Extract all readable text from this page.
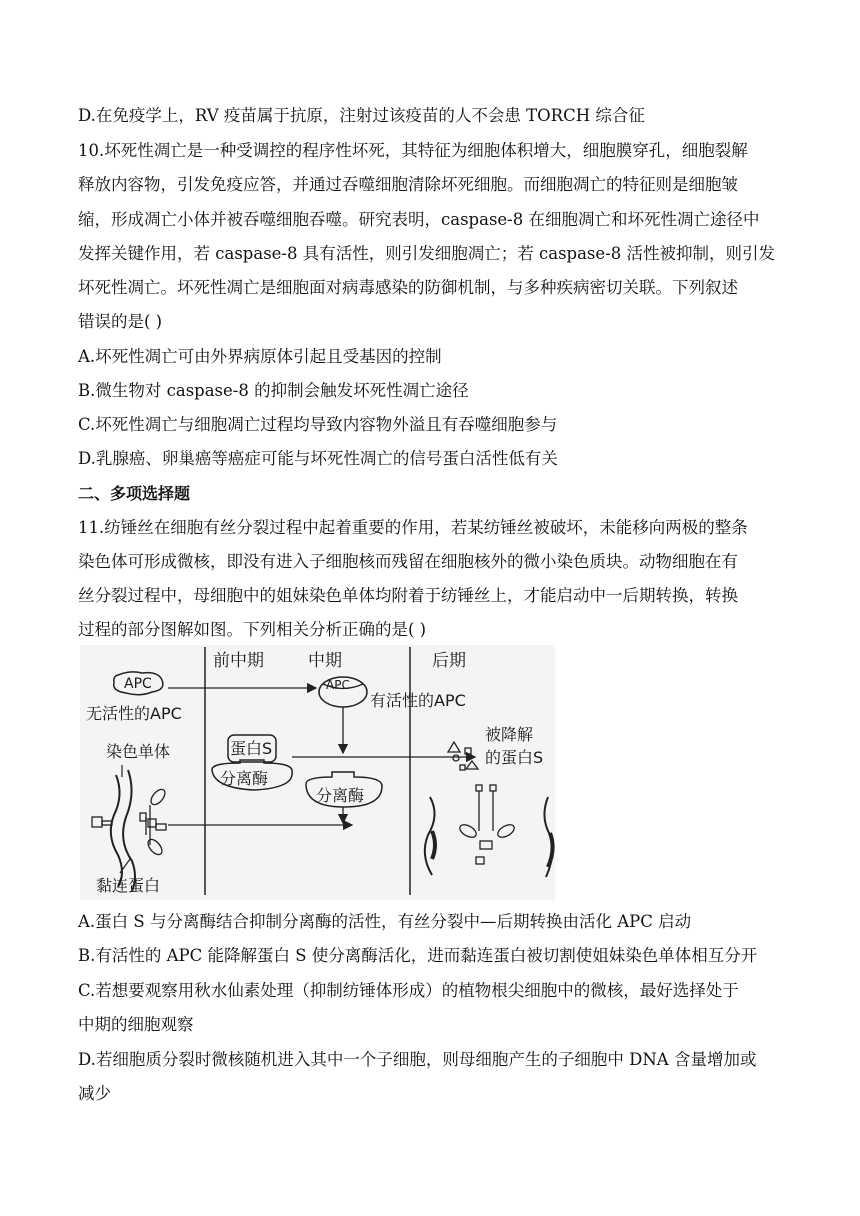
D.在免疫学上，RV 疫苗属于抗原，注射过该疫苗的人不会患 TORCH 综合征
10.坏死性凋亡是一种受调控的程序性坏死，其特征为细胞体积增大，细胞膜穿孔，细胞裂解
释放内容物，引发免疫应答，并通过吞噬细胞清除坏死细胞。而细胞凋亡的特征则是细胞皱
缩，形成凋亡小体并被吞噬细胞吞噬。研究表明，caspase-8 在细胞凋亡和坏死性凋亡途径中
发挥关键作用，若 caspase-8 具有活性，则引发细胞凋亡；若 caspase-8 活性被抑制，则引发
坏死性凋亡。坏死性凋亡是细胞面对病毒感染的防御机制，与多种疾病密切关联。下列叙述
错误的是( )
A.坏死性凋亡可由外界病原体引起且受基因的控制
B.微生物对 caspase-8 的抑制会触发坏死性凋亡途径
C.坏死性凋亡与细胞凋亡过程均导致内容物外溢且有吞噬细胞参与
D.乳腺癌、卵巢癌等癌症可能与坏死性凋亡的信号蛋白活性低有关
二、多项选择题
11.纺锤丝在细胞有丝分裂过程中起着重要的作用，若某纺锤丝被破坏，未能移向两极的整条
染色体可形成微核，即没有进入子细胞核而残留在细胞核外的微小染色质块。动物细胞在有
丝分裂过程中，母细胞中的姐妹染色单体均附着于纺锤丝上，才能启动中一后期转换，转换
过程的部分图解如图。下列相关分析正确的是( )
前中期	中期	后期
APC
无活性的APC
APC
有活性的APC
蛋白S
分离酶
分离酶
被降解
的蛋白S
染色单体
黏连蛋白
A.蛋白 S 与分离酶结合抑制分离酶的活性，有丝分裂中—后期转换由活化 APC 启动
B.有活性的 APC 能降解蛋白 S 使分离酶活化，进而黏连蛋白被切割使姐妹染色单体相互分开
C.若想要观察用秋水仙素处理（抑制纺锤体形成）的植物根尖细胞中的微核，最好选择处于
中期的细胞观察
D.若细胞质分裂时微核随机进入其中一个子细胞，则母细胞产生的子细胞中 DNA 含量增加或
减少
